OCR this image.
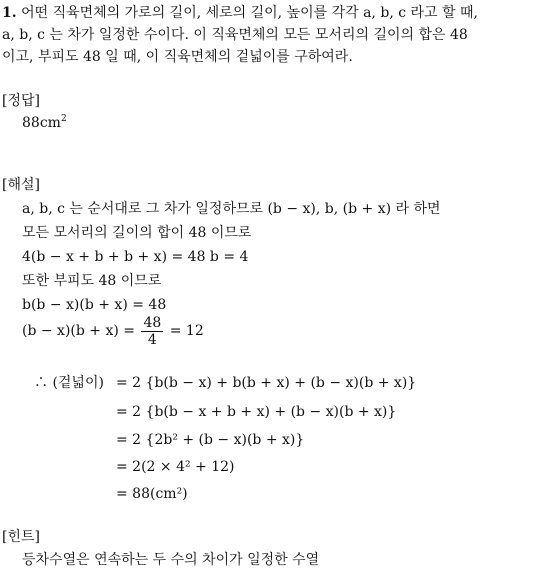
1. 어떤 직육면체의 가로의 길이, 세로의 길이, 높이를 각각 a, b, c 라고 할 때,
a, b, c 는 차가 일정한 수이다. 이 직육면체의 모든 모서리의 길이의 합은 48
이고, 부피도 48 일 때, 이 직육면체의 겉넓이를 구하여라.
[정답]
$88cm^2$
[해설]
a, b, c 는 순서대로 그 차가 일정하므로 (b − x), b, (b + x) 라 하면
모든 모서리의 길이의 합이 48 이므로
4(b − x + b + b + x) = 48 b = 4
또한 부피도 48 이므로
b(b − x)(b + x) = 48
$(b - x)(b + x) = \frac{48}{4} = 12$
∴ (겉넓이) = 2 {b(b − x) + b(b + x) + (b − x)(b + x)}
= 2 {b(b − x + b + x) + (b − x)(b + x)}
= 2 {2b² + (b − x)(b + x)}
= 2(2 × 4² + 12)
= 88(cm²)
[힌트]
등차수열은 연속하는 두 수의 차이가 일정한 수열
